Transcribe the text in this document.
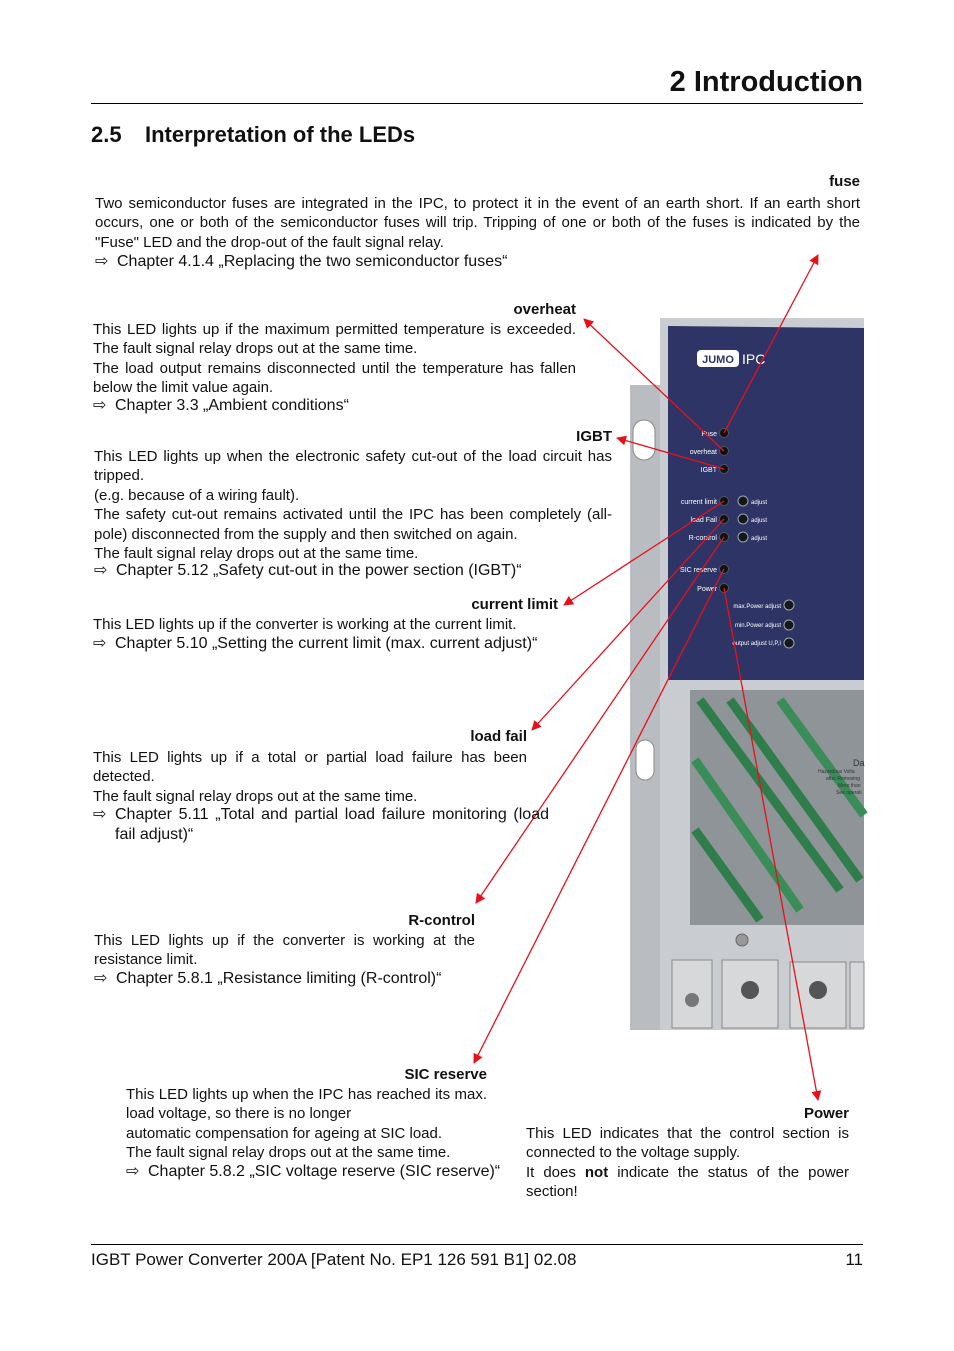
2 Introduction
2.5 Interpretation of the LEDs
JUMO IPC
Fuse
overheat
IGBT
current limit
load Fail
R-control
SIC reserve
Power
adjust
adjust
adjust
max.Power adjust
min.Power adjust
output adjust U,P,I
Da
Hazardous Volta
after Removing
More than
See operati
fuse

Two semiconductor fuses are integrated in the IPC, to protect it in the event of an earth short. If an earth short occurs, one or both of the semiconductor fuses will trip. Tripping of one or both of the fuses is indicated by the "Fuse" LED and the drop-out of the fault signal relay.

⇨ Chapter 4.1.4 „Replacing the two semiconductor fuses“
overheat

This LED lights up if the maximum permitted temperature is exceeded. The fault signal relay drops out at the same time.

The load output remains disconnected until the temperature has fallen below the limit value again.

⇨ Chapter 3.3 „Ambient conditions“
IGBT

This LED lights up when the electronic safety cut-out of the load circuit has tripped.

(e.g. because of a wiring fault).

The safety cut-out remains activated until the IPC has been completely (all-pole) disconnected from the supply and then switched on again.

The fault signal relay drops out at the same time.

⇨ Chapter 5.12 „Safety cut-out in the power section (IGBT)“
current limit

This LED lights up if the converter is working at the current limit.

⇨ Chapter 5.10 „Setting the current limit (max. current adjust)“
load fail

This LED lights up if a total or partial load failure has been detected.

The fault signal relay drops out at the same time.

⇨ Chapter 5.11 „Total and partial load failure monitoring (load fail adjust)“
R-control

This LED lights up if the converter is working at the resistance limit.

⇨ Chapter 5.8.1 „Resistance limiting (R-control)“
SIC reserve

This LED lights up when the IPC has reached its max. load voltage, so there is no longer

automatic compensation for ageing at SIC load.

The fault signal relay drops out at the same time.

⇨ Chapter 5.8.2 „SIC voltage reserve (SIC reserve)“
Power

This LED indicates that the control section is connected to the voltage supply.

It does not indicate the status of the power section!

IGBT Power Converter 200A [Patent No. EP1 126 591 B1] 02.08	11
